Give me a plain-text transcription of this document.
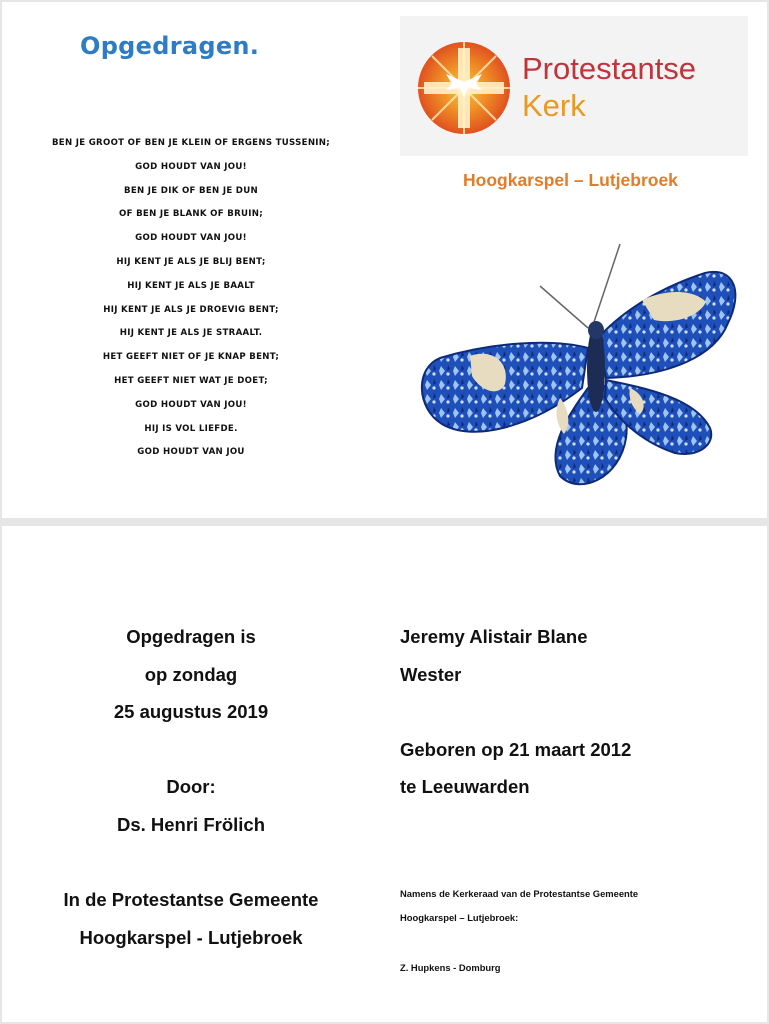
Opgedragen.
BEN JE GROOT OF BEN JE KLEIN OF ERGENS TUSSENIN;
GOD HOUDT VAN JOU!
BEN JE DIK OF BEN JE DUN
OF BEN JE BLANK OF BRUIN;
GOD HOUDT VAN JOU!
HIJ KENT JE ALS JE BLIJ BENT;
HIJ KENT JE ALS JE BAALT
HIJ KENT JE ALS JE DROEVIG BENT;
HIJ KENT JE ALS JE STRAALT.
HET GEEFT NIET OF JE KNAP BENT;
HET GEEFT NIET WAT JE DOET;
GOD HOUDT VAN JOU!
HIJ IS VOL LIEFDE.
GOD HOUDT VAN JOU
Protestantse
Kerk
Hoogkarspel – Lutjebroek
Opgedragen is
op zondag
25 augustus 2019
Door:
Ds. Henri Frölich
In de Protestantse Gemeente
Hoogkarspel - Lutjebroek
Jeremy Alistair Blane
Wester
Geboren op 21 maart 2012
te Leeuwarden
Namens de Kerkeraad van de Protestantse Gemeente
Hoogkarspel – Lutjebroek:
Z. Hupkens - Domburg
